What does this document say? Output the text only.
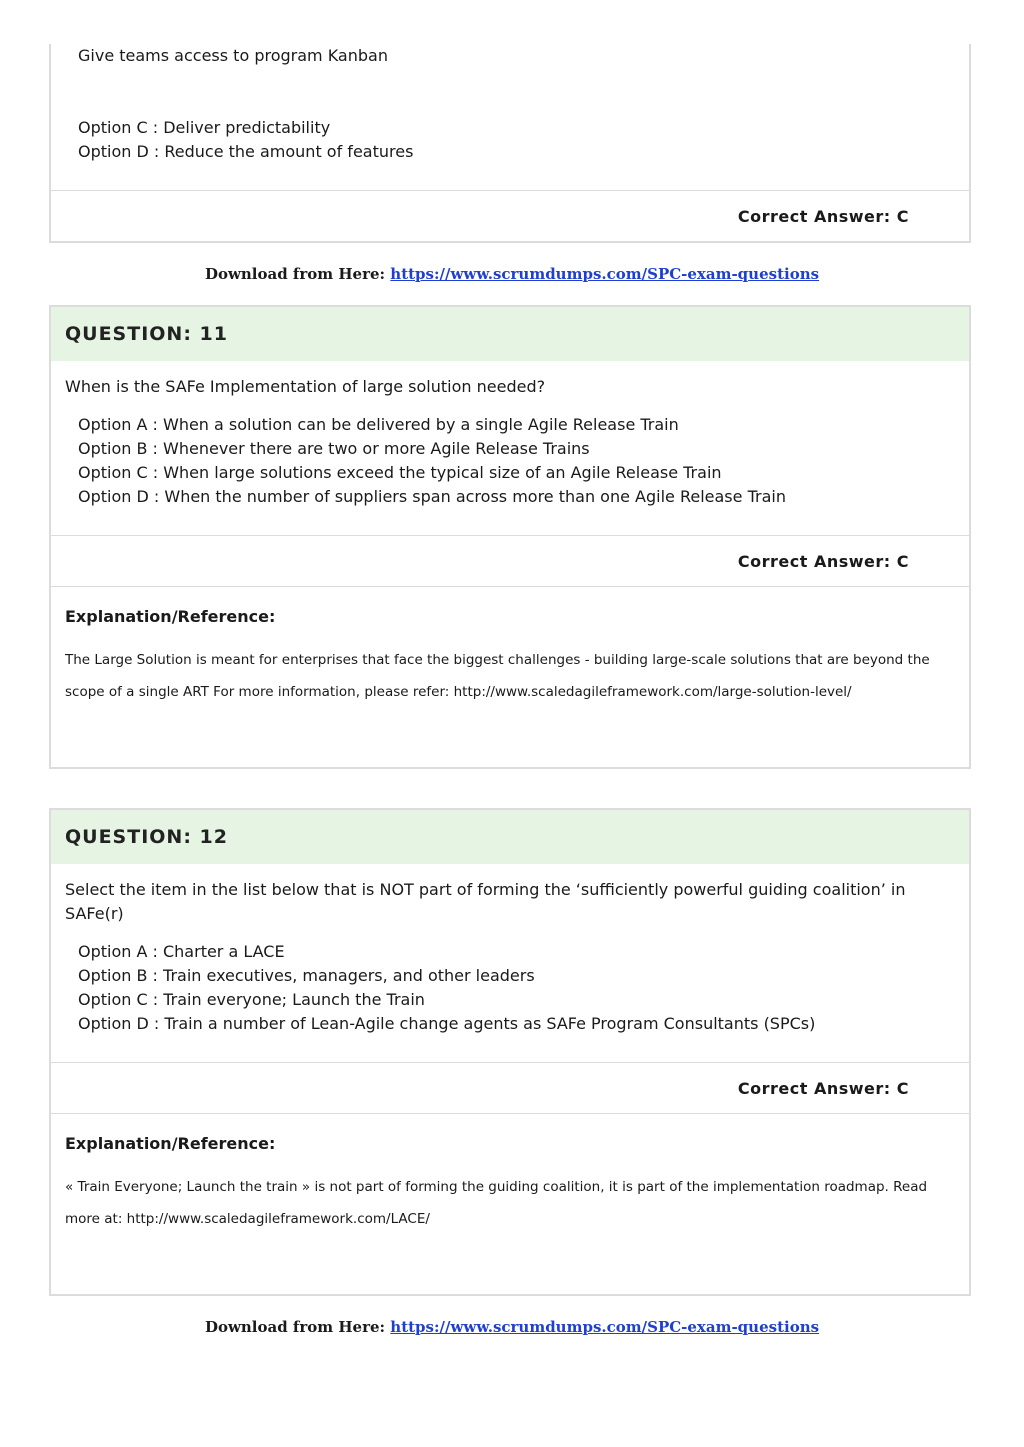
Give teams access to program Kanban
Option C : Deliver predictability
Option D : Reduce the amount of features
Correct Answer: C
Download from Here: https://www.scrumdumps.com/SPC-exam-questions
QUESTION: 11

When is the SAFe Implementation of large solution needed?

Option A : When a solution can be delivered by a single Agile Release Train
Option B : Whenever there are two or more Agile Release Trains
Option C : When large solutions exceed the typical size of an Agile Release Train
Option D : When the number of suppliers span across more than one Agile Release Train
Correct Answer: C
Explanation/Reference:
The Large Solution is meant for enterprises that face the biggest challenges - building large-scale solutions that are beyond the scope of a single ART For more information, please refer: http://www.scaledagileframework.com/large-solution-level/
QUESTION: 12

Select the item in the list below that is NOT part of forming the ‘sufficiently powerful guiding coalition’ in SAFe(r)

Option A : Charter a LACE
Option B : Train executives, managers, and other leaders
Option C : Train everyone; Launch the Train
Option D : Train a number of Lean-Agile change agents as SAFe Program Consultants (SPCs)
Correct Answer: C
Explanation/Reference:
« Train Everyone; Launch the train » is not part of forming the guiding coalition, it is part of the implementation roadmap. Read more at: http://www.scaledagileframework.com/LACE/
Download from Here: https://www.scrumdumps.com/SPC-exam-questions
